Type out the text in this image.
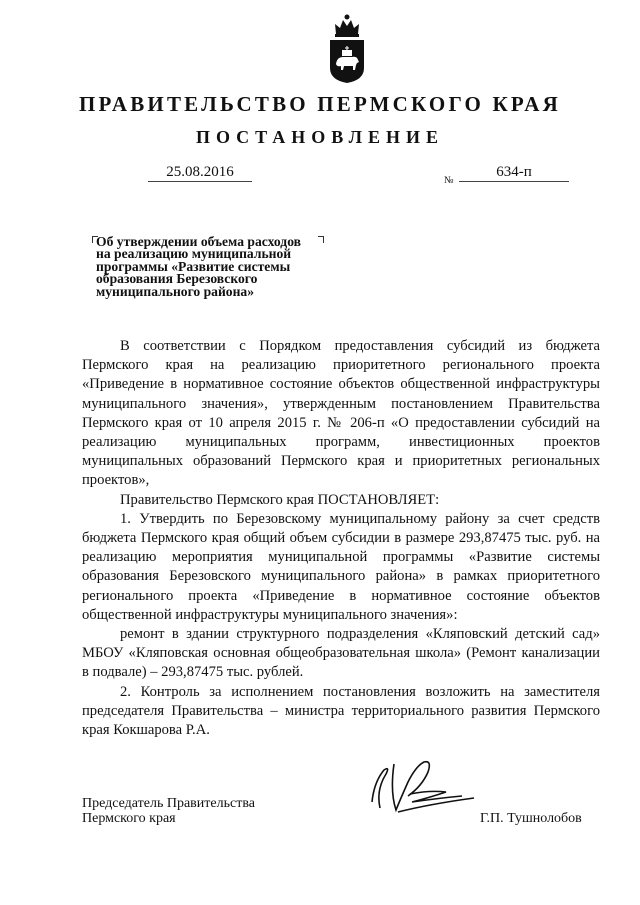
ПРАВИТЕЛЬСТВО ПЕРМСКОГО КРАЯ
ПОСТАНОВЛЕНИЕ
25.08.2016
№
634-п
Об утверждении объема расходов
на реализацию муниципальной
программы «Развитие системы
образования Березовского
муниципального района»

В соответствии с Порядком предоставления субсидий из бюджета Пермского края на реализацию приоритетного регионального проекта «Приведение в нормативное состояние объектов общественной инфраструктуры муниципального значения», утвержденным постановлением Правительства Пермского края от 10 апреля 2015 г. № 206-п «О предоставлении субсидий на реализацию муниципальных программ, инвестиционных проектов муниципальных образований Пермского края и приоритетных региональных проектов»,

Правительство Пермского края ПОСТАНОВЛЯЕТ:

1. Утвердить по Березовскому муниципальному району за счет средств бюджета Пермского края общий объем субсидии в размере 293,87475 тыс. руб. на реализацию мероприятия муниципальной программы «Развитие системы образования Березовского муниципального района» в рамках приоритетного регионального проекта «Приведение в нормативное состояние объектов общественной инфраструктуры муниципального значения»:

ремонт в здании структурного подразделения «Кляповский детский сад» МБОУ «Кляповская основная общеобразовательная школа» (Ремонт канализации в подвале) – 293,87475 тыс. рублей.

2. Контроль за исполнением постановления возложить на заместителя председателя Правительства – министра территориального развития Пермского края Кокшарова Р.А.

Председатель Правительства
Пермского края	Г.П. Тушнолобов
